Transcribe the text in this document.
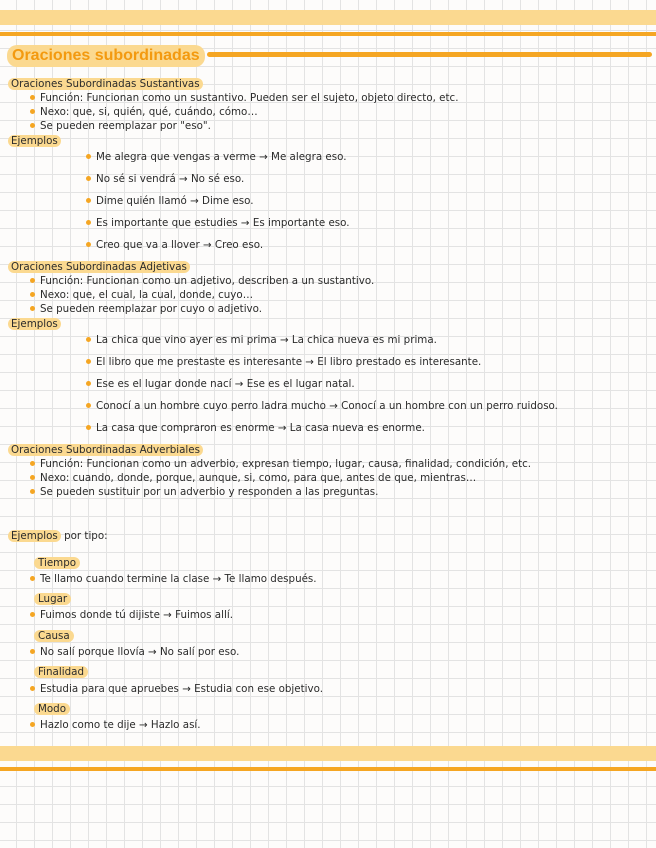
Oraciones subordinadas
Oraciones Subordinadas Sustantivas
Función: Funcionan como un sustantivo. Pueden ser el sujeto, objeto directo, etc.
Nexo: que, si, quién, qué, cuándo, cómo…
Se pueden reemplazar por "eso".
Ejemplos
Me alegra que vengas a verme → Me alegra eso.
No sé si vendrá → No sé eso.
Dime quién llamó → Dime eso.
Es importante que estudies → Es importante eso.
Creo que va a llover → Creo eso.
Oraciones Subordinadas Adjetivas
Función: Funcionan como un adjetivo, describen a un sustantivo.
Nexo: que, el cual, la cual, donde, cuyo…
Se pueden reemplazar por cuyo o adjetivo.
Ejemplos
La chica que vino ayer es mi prima → La chica nueva es mi prima.
El libro que me prestaste es interesante → El libro prestado es interesante.
Ese es el lugar donde nací → Ese es el lugar natal.
Conocí a un hombre cuyo perro ladra mucho → Conocí a un hombre con un perro ruidoso.
La casa que compraron es enorme → La casa nueva es enorme.
Oraciones Subordinadas Adverbiales
Función: Funcionan como un adverbio, expresan tiempo, lugar, causa, finalidad, condición, etc.
Nexo: cuando, donde, porque, aunque, si, como, para que, antes de que, mientras…
Se pueden sustituir por un adverbio y responden a las preguntas.
Ejemplos por tipo:
Tiempo
Te llamo cuando termine la clase → Te llamo después.
Lugar
Fuimos donde tú dijiste → Fuimos allí.
Causa
No salí porque llovía → No salí por eso.
Finalidad
Estudia para que apruebes → Estudia con ese objetivo.
Modo
Hazlo como te dije → Hazlo así.
